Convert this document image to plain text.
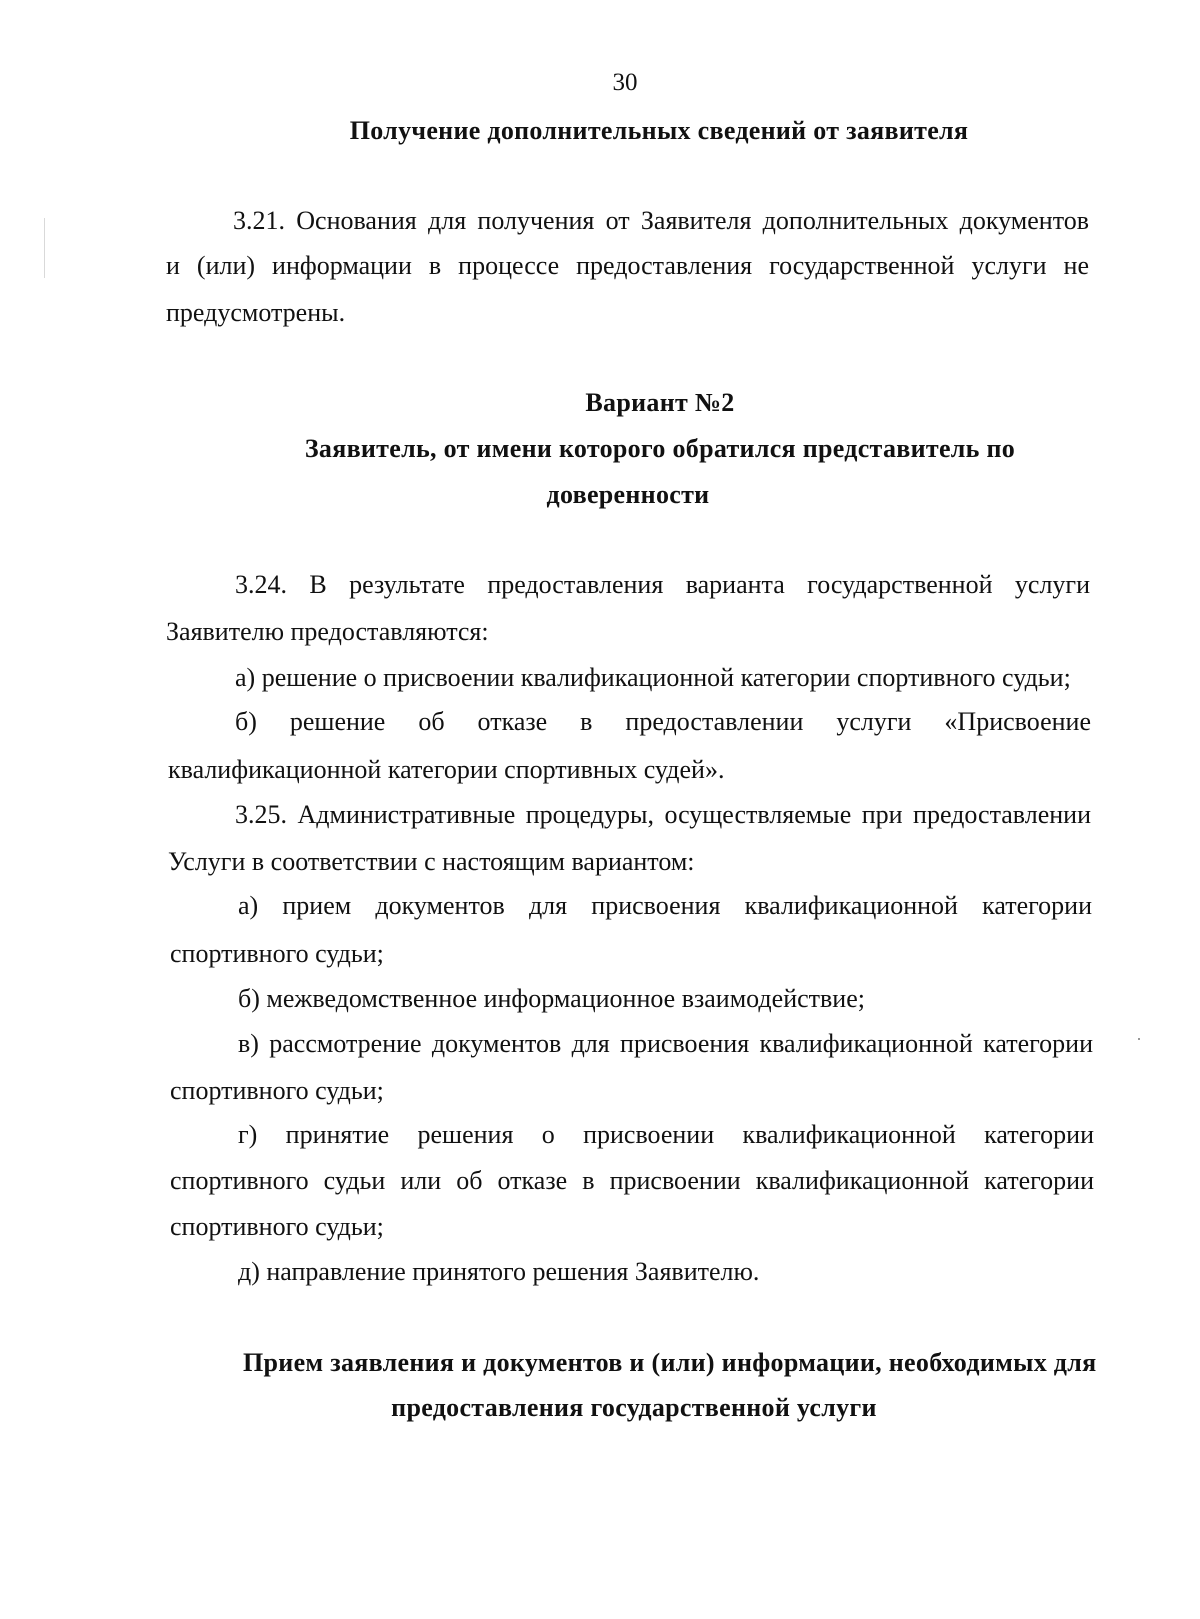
30
Получение дополнительных сведений от заявителя
3.21. Основания для получения от Заявителя дополнительных документов
и (или) информации в процессе предоставления государственной услуги не
предусмотрены.
Вариант №2
Заявитель, от имени которого обратился представитель по
доверенности
3.24. В результате предоставления варианта государственной услуги
Заявителю предоставляются:
а) решение о присвоении квалификационной категории спортивного судьи;
б) решение об отказе в предоставлении услуги «Присвоение
квалификационной категории спортивных судей».
3.25. Административные процедуры, осуществляемые при предоставлении
Услуги в соответствии с настоящим вариантом:
а) прием документов для присвоения квалификационной категории
спортивного судьи;
б) межведомственное информационное взаимодействие;
в) рассмотрение документов для присвоения квалификационной категории
спортивного судьи;
г) принятие решения о присвоении квалификационной категории
спортивного судьи или об отказе в присвоении квалификационной категории
спортивного судьи;
д) направление принятого решения Заявителю.
Прием заявления и документов и (или) информации, необходимых для
предоставления государственной услуги
